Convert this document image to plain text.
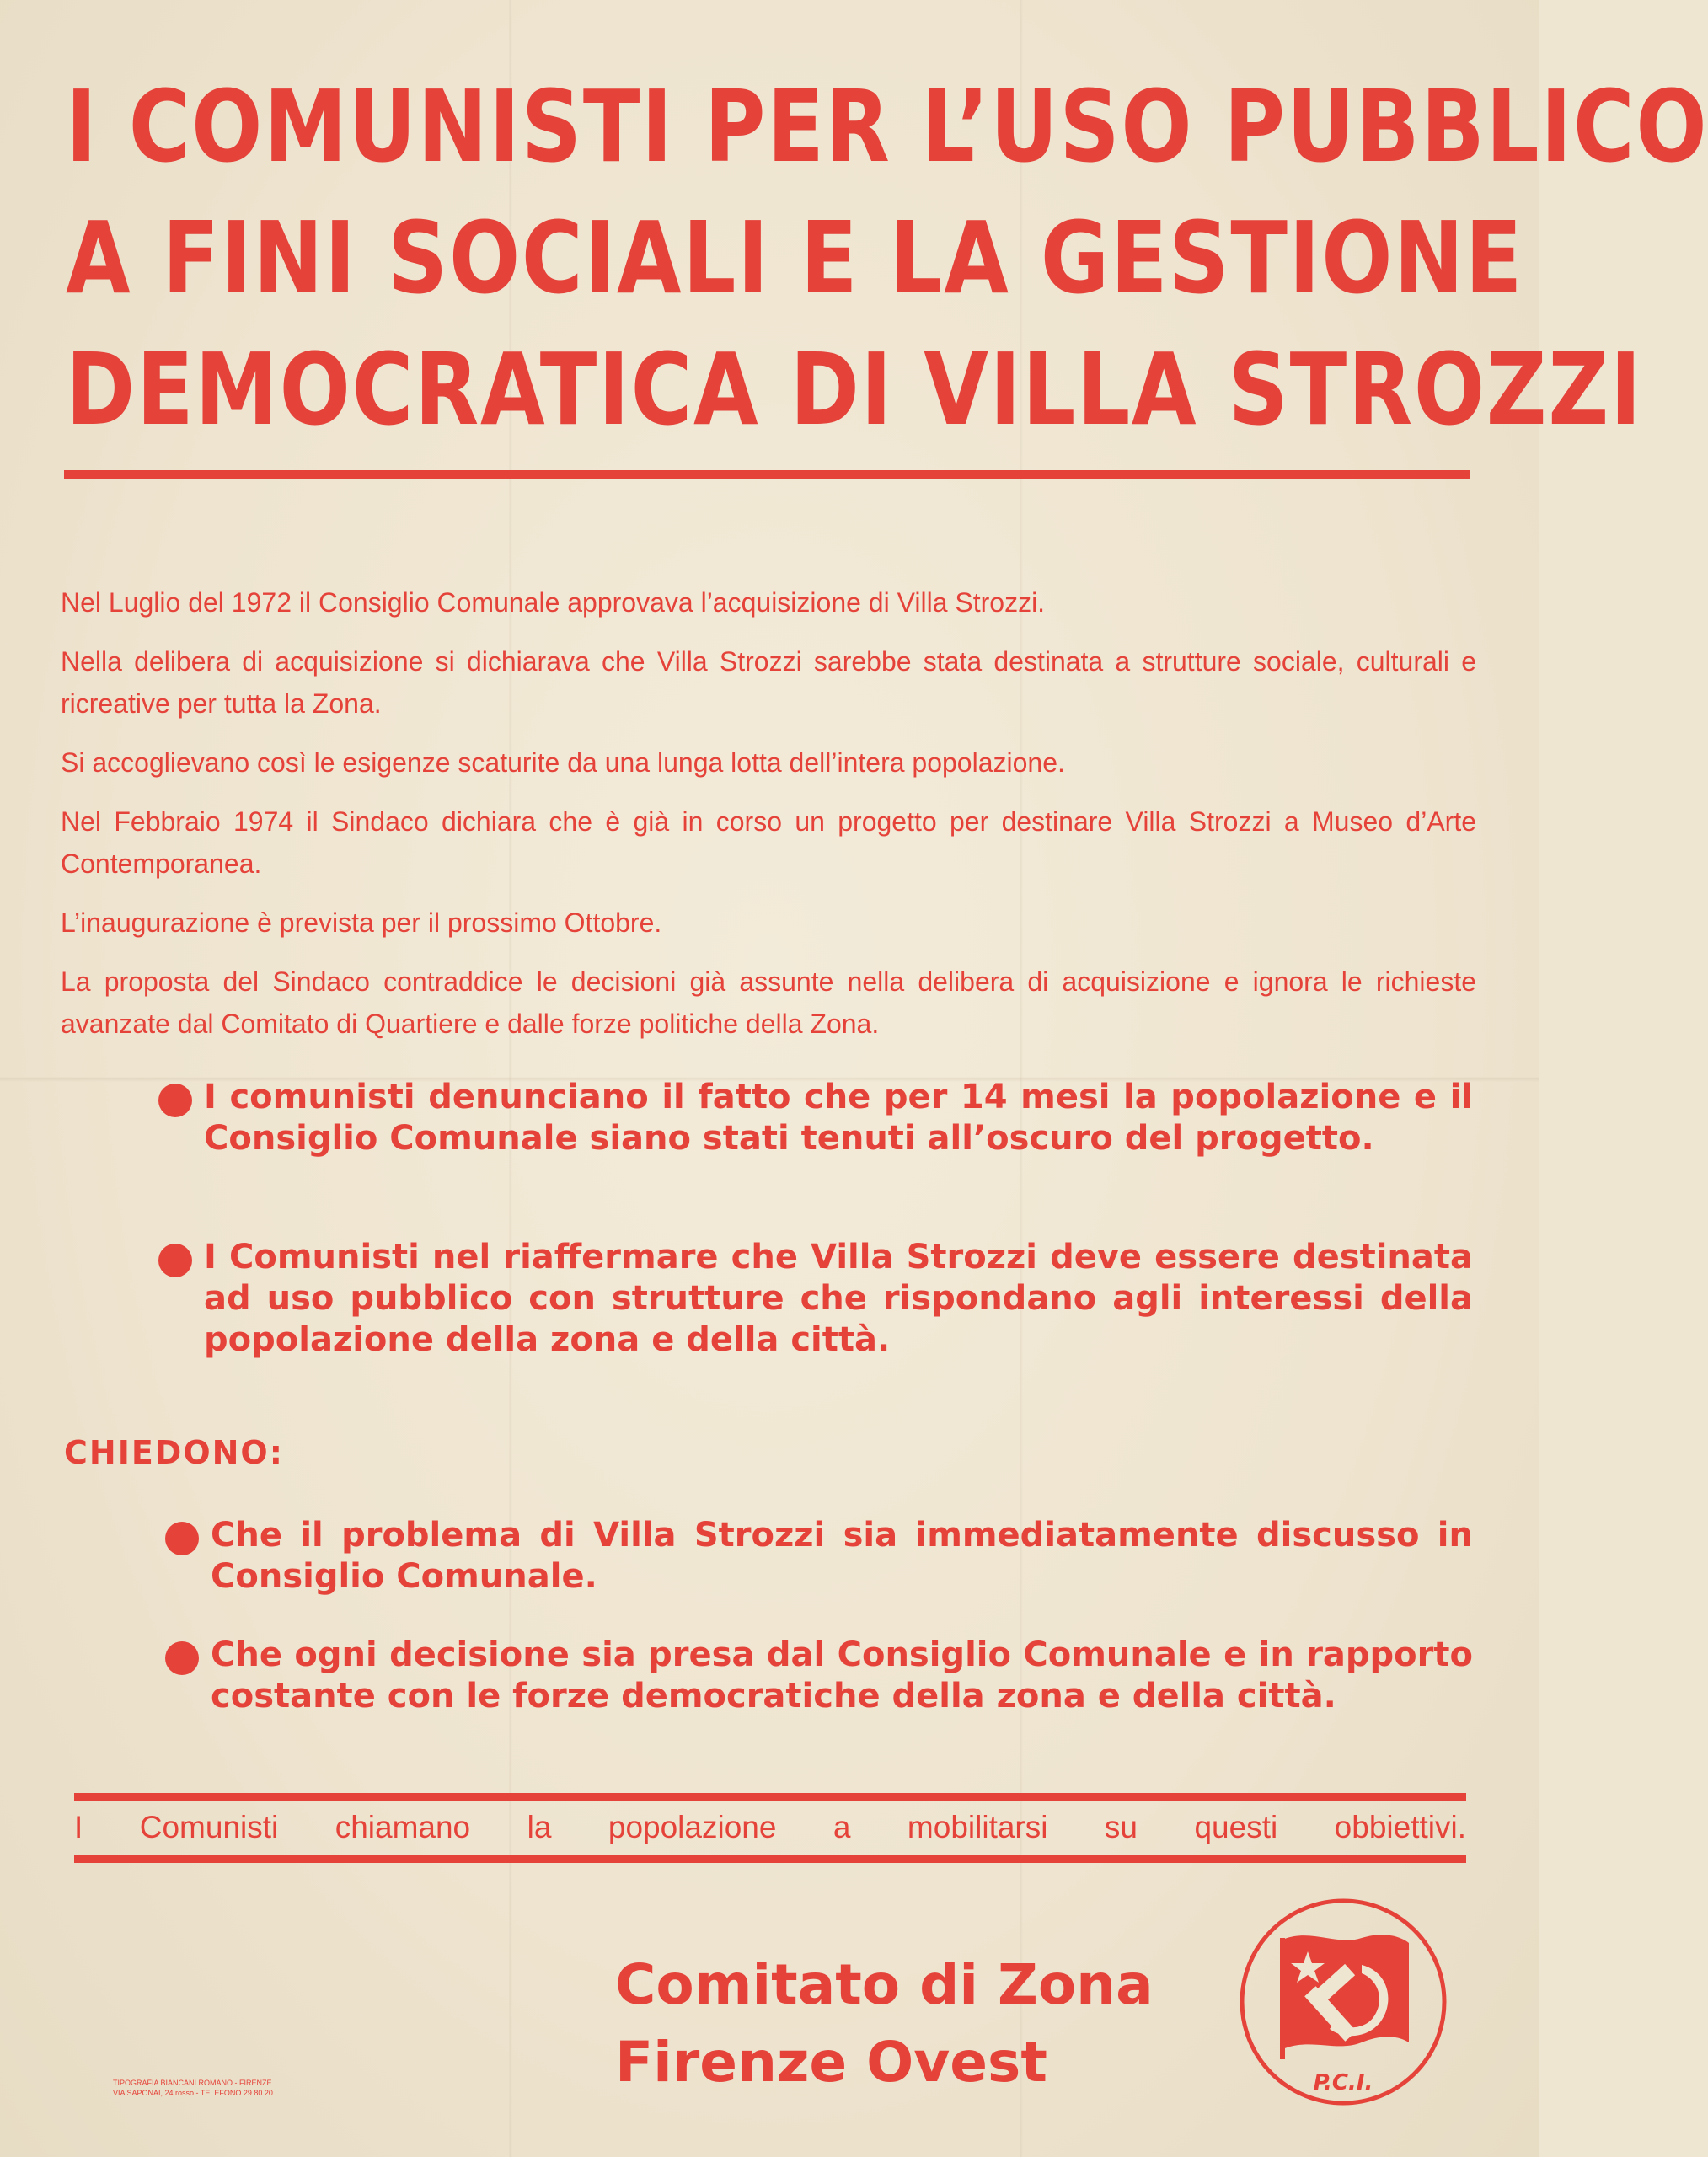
I COMUNISTI PER L’USO PUBBLICO
A FINI SOCIALI E LA GESTIONE
DEMOCRATICA DI VILLA STROZZI

Nel Luglio del 1972 il Consiglio Comunale approvava l’acquisizione di Villa Strozzi.

Nella delibera di acquisizione si dichiarava che Villa Strozzi sarebbe stata destinata a strutture sociale, culturali e ricreative per tutta la Zona.

Si accoglievano così le esigenze scaturite da una lunga lotta dell’intera popolazione.

Nel Febbraio 1974 il Sindaco dichiara che è già in corso un progetto per destinare Villa Strozzi a Museo d’Arte Contemporanea.

L’inaugurazione è prevista per il prossimo Ottobre.

La proposta del Sindaco contraddice le decisioni già assunte nella delibera di acquisizione e ignora le richieste avanzate dal Comitato di Quartiere e dalle forze politiche della Zona.

I comunisti denunciano il fatto che per 14 mesi la popolazione e il Consiglio Comunale siano stati tenuti all’oscuro del progetto.
I Comunisti nel riaffermare che Villa Strozzi deve essere destinata ad uso pubblico con strutture che rispondano agli interessi della popolazione della zona e della città.
CHIEDONO:
Che il problema di Villa Strozzi sia immediatamente discusso in Consiglio Comunale.
Che ogni decisione sia presa dal Consiglio Comunale e in rapporto costante con le forze democratiche della zona e della città.
I Comunisti chiamano la popolazione a mobilitarsi su questi obbiettivi.
Comitato di Zona
Firenze Ovest
TIPOGRAFIA BIANCANI ROMANO - FIRENZE
VIA SAPONAI, 24 rosso - TELEFONO 29 80 20	P.C.I.
